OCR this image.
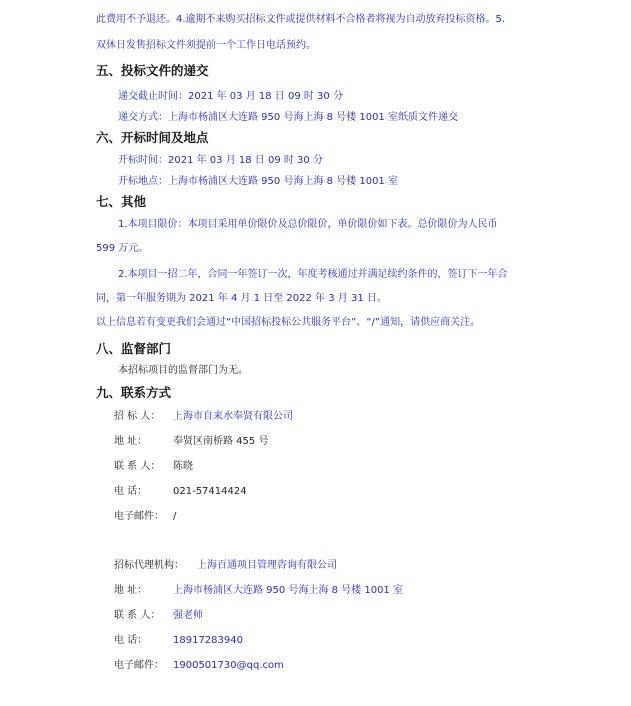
此费用不予退还。4.逾期不来购买招标文件或提供材料不合格者将视为自动放弃投标资格。5.
双休日发售招标文件须提前一个工作日电话预约。
五、投标文件的递交
递交截止时间：2021 年 03 月 18 日 09 时 30 分
递交方式：上海市杨浦区大连路 950 号海上海 8 号楼 1001 室纸质文件递交
六、开标时间及地点
开标时间：2021 年 03 月 18 日 09 时 30 分
开标地点：上海市杨浦区大连路 950 号海上海 8 号楼 1001 室
七、其他
1.本项目限价：本项目采用单价限价及总价限价，单价限价如下表。总价限价为人民币
599 万元。
2.本项目一招二年，合同一年签订一次，年度考核通过并满足续约条件的，签订下一年合
同，第一年服务期为 2021 年 4 月 1 日至 2022 年 3 月 31 日。
以上信息若有变更我们会通过“中国招标投标公共服务平台”、“/”通知，请供应商关注。
八、监督部门
本招标项目的监督部门为无。
九、联系方式
招 标 人： 上海市自来水奉贤有限公司
地 址：	奉贤区南桥路 455 号
联 系 人： 陈晓
电 话：	021-57414424
电子邮件： /
招标代理机构： 上海百通项目管理咨询有限公司
地 址：	上海市杨浦区大连路 950 号海上海 8 号楼 1001 室
联 系 人： 强老师
电 话：	18917283940
电子邮件： 1900501730@qq.com
